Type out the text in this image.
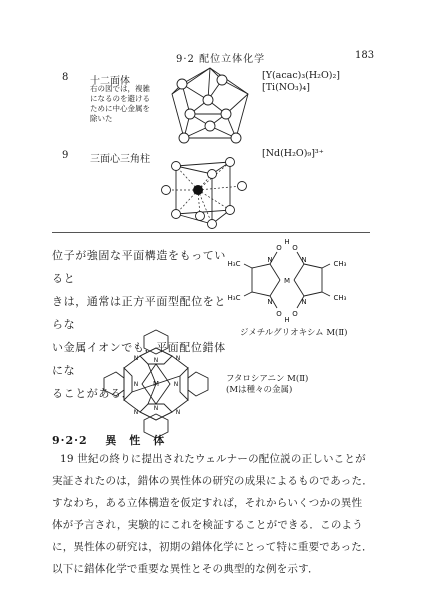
9·2 配位立体化学	183
8 十二面体
右の図では，複雑になるのを避けるために中心金属を除いた
[Y(acac)₃(H₂O)₂]
[Ti(NO₃)₄]
9 三面心三角柱
[Nd(H₂O)₉]³⁺
位子が強固な平面構造をもっていると
きは，通常は正方平面型配位をとらな
い金属イオンでも，平面配位錯体にな
ることがある．
O O
H
O O
H
N	N
N	N
M
H₃C
H₃C
CH₃
CH₃
ジメチルグリオキシム M(Ⅱ)
N
N
N
N
N	N
N
N
M	フタロシアニン M(Ⅱ)
(Mは種々の金属)
9·2·2 異　性　体
19 世紀の終りに提出されたウェルナーの配位説の正しいことが
実証されたのは，錯体の異性体の研究の成果によるものであった．
すなわち，ある立体構造を仮定すれば，それからいくつかの異性
体が予言され，実験的にこれを検証することができる．このよう
に，異性体の研究は，初期の錯体化学にとって特に重要であった．
以下に錯体化学で重要な異性とその典型的な例を示す．
